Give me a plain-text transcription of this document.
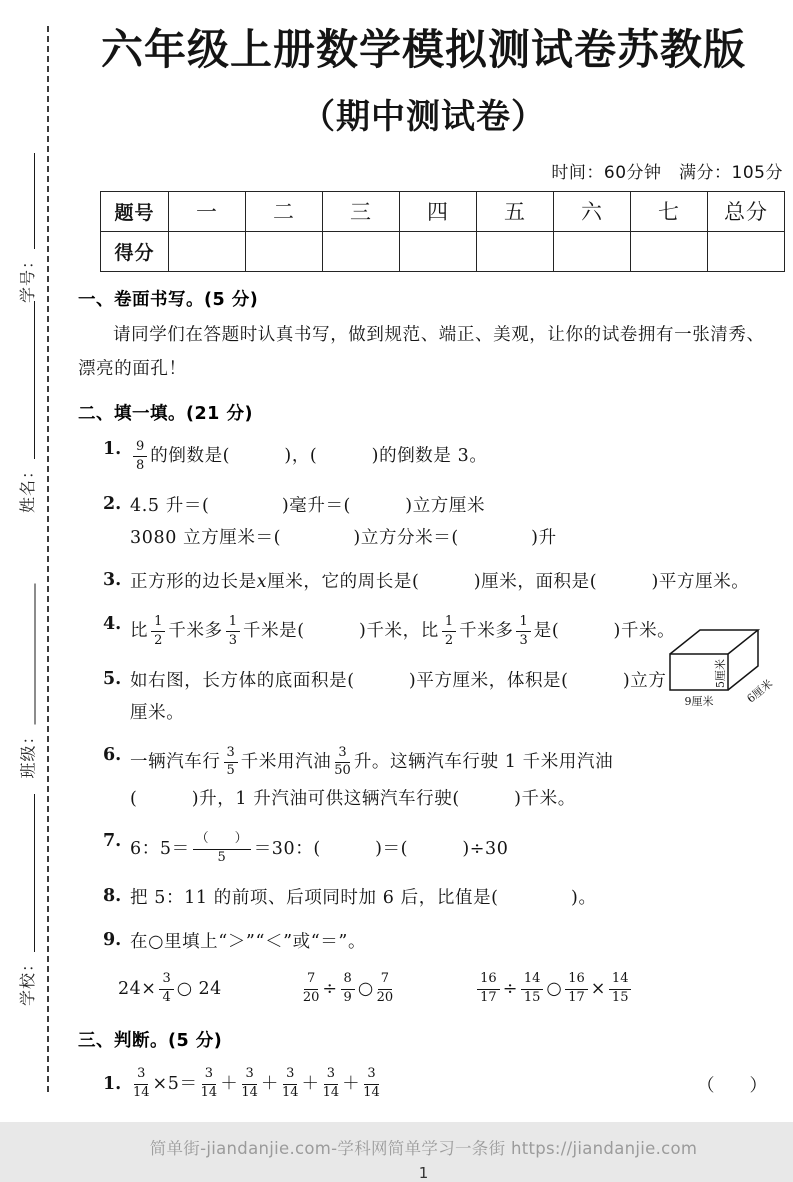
学号：
姓名：
班级：
学校：
六年级上册数学模拟测试卷苏教版
（期中测试卷）
时间：60分钟　满分：105分
题号	一	二	三	四	五	六	七	总分
得分								
一、卷面书写。(5 分)
请同学们在答题时认真书写，做到规范、端正、美观，让你的试卷拥有一张清秀、漂亮的面孔！
二、填一填。(21 分)
1. $\frac{9}{8}$ 的倒数是(　　　)，(　　　)的倒数是 3。
2. 4.5 升＝(　　　　)毫升＝(　　　)立方厘米
3080 立方厘米＝(　　　　)立方分米＝(　　　　)升
3. 正方形的边长是 x 厘米，它的周长是(　　　)厘米，面积是(　　　)平方厘米。
4. 比 $\frac{1}{2}$ 千米多 $\frac{1}{3}$ 千米是(　　　)千米，比 $\frac{1}{2}$ 千米多 $\frac{1}{3}$ 是(　　　)千米。
5. 如右图，长方体的底面积是(　　　)平方厘米，体积是(　　　)立方
厘米。
6. 一辆汽车行 $\frac{3}{5}$ 千米用汽油 $\frac{3}{50}$ 升。这辆汽车行驶 1 千米用汽油
(　　　)升，1 升汽油可供这辆汽车行驶(　　　)千米。
7. 6：$5= \frac{( )}{5} =30$：(　　　)＝(　　　)÷30
8. 把 5：11 的前项、后项同时加 6 后，比值是(　　　　)。
9. 在○里填上“＞”“＜”或“＝”。
$24\times \frac{3}{4}$ ○ 24	$\frac{7}{20} \div \frac{8}{9}$ ○ $\frac{7}{20}$	$\frac{16}{17} \div \frac{14}{15}$ ○ $\frac{16}{17} \times \frac{14}{15}$
三、判断。(5 分)
1. $\frac{3}{14} \times 5= \frac{3}{14} + \frac{3}{14} + \frac{3}{14} + \frac{3}{14} + \frac{3}{14}$	（　　）
简单街-jiandanjie.com-学科网简单学习一条街 https://jiandanjie.com
1
9厘米	6厘米
5厘米
